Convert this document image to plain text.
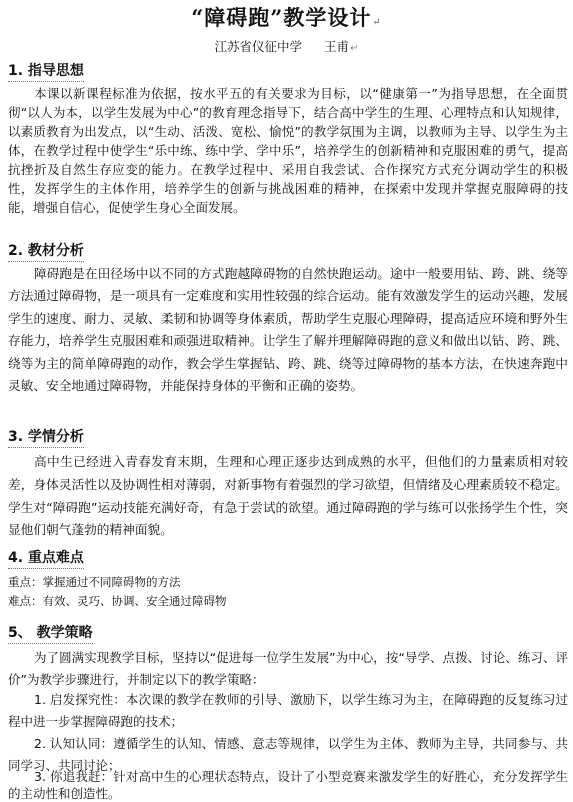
“障碍跑”教学设计↵
江苏省仪征中学 王甫↵
1. 指导思想

本课以新课程标准为依据，按水平五的有关要求为目标，以“健康第一”为指导思想，在全面贯彻“以人为本，以学生发展为中心”的教育理念指导下，结合高中学生的生理、心理特点和认知规律，以素质教育为出发点，以“生动、活泼、宽松、愉悦”的教学氛围为主调，以教师为主导、以学生为主体，在教学过程中使学生“乐中练、练中学、学中乐”，培养学生的创新精神和克服困难的勇气，提高抗挫折及自然生存应变的能力。在教学过程中、采用自我尝试、合作探究方式充分调动学生的积极性，发挥学生的主体作用，培养学生的创新与挑战困难的精神，在探索中发现并掌握克服障碍的技能，增强自信心，促使学生身心全面发展。

2. 教材分析

障碍跑是在田径场中以不同的方式跑越障碍物的自然快跑运动。途中一般要用钻、跨、跳、绕等方法通过障碍物，是一项具有一定难度和实用性较强的综合运动。能有效激发学生的运动兴趣，发展学生的速度、耐力、灵敏、柔韧和协调等身体素质，帮助学生克服心理障碍，提高适应环境和野外生存能力，培养学生克服困难和顽强进取精神。让学生了解并理解障碍跑的意义和做出以钻、跨、跳、绕等为主的简单障碍跑的动作，教会学生掌握钻、跨、跳、绕等过障碍物的基本方法，在快速奔跑中灵敏、安全地通过障碍物，并能保持身体的平衡和正确的姿势。

3. 学情分析

高中生已经进入青春发育末期，生理和心理正逐步达到成熟的水平，但他们的力量素质相对较差，身体灵活性以及协调性相对薄弱，对新事物有着强烈的学习欲望，但情绪及心理素质较不稳定。学生对“障碍跑”运动技能充满好奇，有急于尝试的欲望。通过障碍跑的学与练可以张扬学生个性，突显他们朝气蓬勃的精神面貌。

4. 重点难点
重点：掌握通过不同障碍物的方法
难点：有效、灵巧、协调、安全通过障碍物
5、 教学策略

为了圆满实现教学目标，坚持以“促进每一位学生发展”为中心，按“导学、点拨、讨论、练习、评价”为教学步骤进行，并制定以下的教学策略：

1. 启发探究性：本次课的教学在教师的引导、激励下，以学生练习为主，在障碍跑的反复练习过程中进一步掌握障碍跑的技术；

2. 认知认同：遵循学生的认知、情感、意志等规律，以学生为主体、教师为主导，共同参与、共同学习、共同讨论；

3. 你追我赶：针对高中生的心理状态特点，设计了小型竞赛来激发学生的好胜心，充分发挥学生的主动性和创造性。
